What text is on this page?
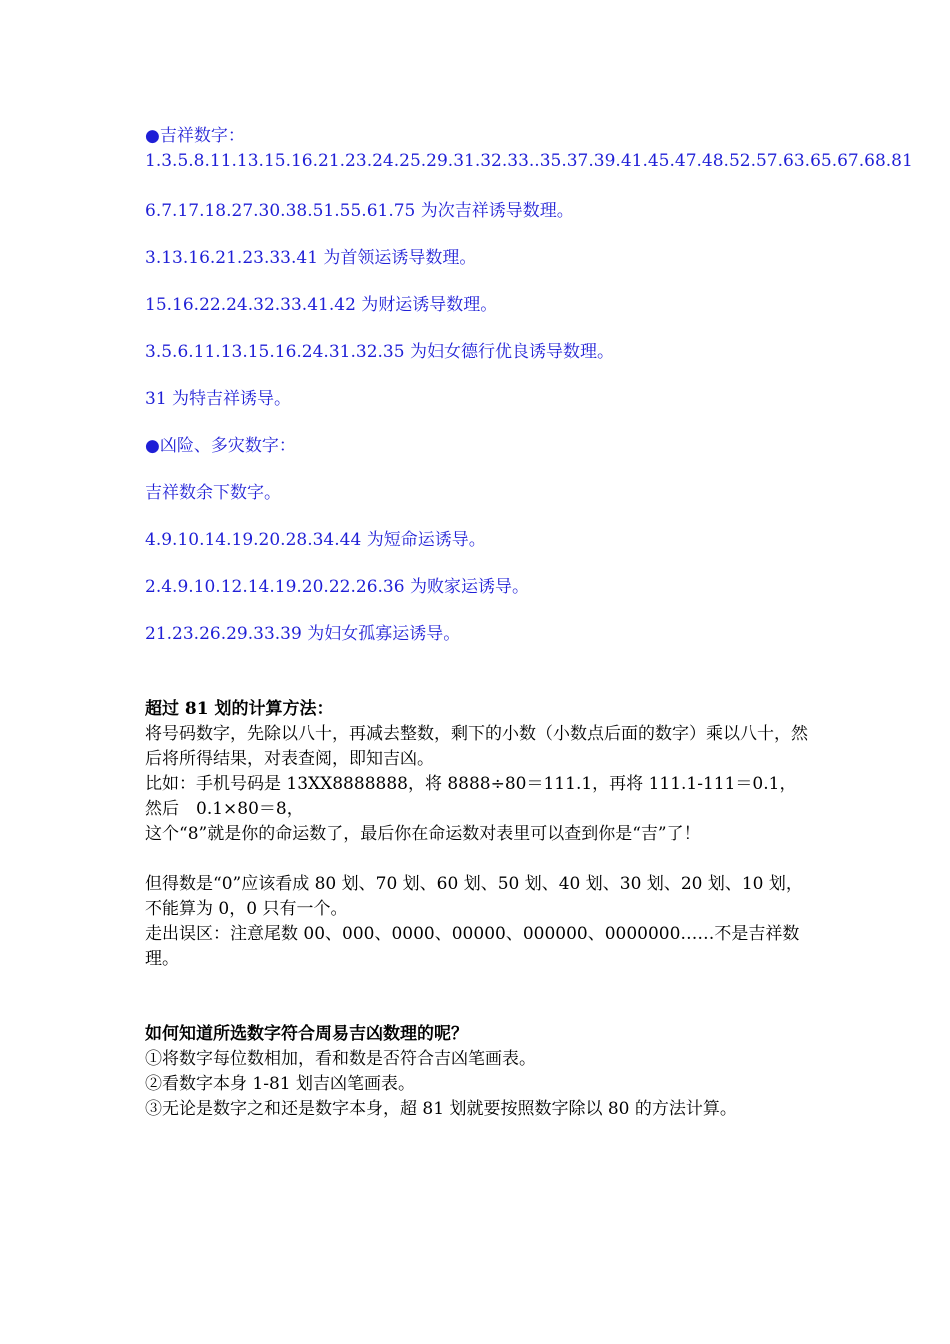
●吉祥数字：

1.3.5.8.11.13.15.16.21.23.24.25.29.31.32.33..35.37.39.41.45.47.48.52.57.63.65.67.68.81

6.7.17.18.27.30.38.51.55.61.75 为次吉祥诱导数理。

3.13.16.21.23.33.41 为首领运诱导数理。

15.16.22.24.32.33.41.42 为财运诱导数理。

3.5.6.11.13.15.16.24.31.32.35 为妇女德行优良诱导数理。

31 为特吉祥诱导。

●凶险、多灾数字：

吉祥数余下数字。

4.9.10.14.19.20.28.34.44 为短命运诱导。

2.4.9.10.12.14.19.20.22.26.36 为败家运诱导。

21.23.26.29.33.39 为妇女孤寡运诱导。

超过 81 划的计算方法：

将号码数字，先除以八十，再减去整数，剩下的小数（小数点后面的数字）乘以八十，然后将所得结果，对表查阅，即知吉凶。

比如：手机号码是 13XX8888888，将 8888÷80＝111.1，再将 111.1-111＝0.1，然后　0.1×80＝8，

这个“8”就是你的命运数了，最后你在命运数对表里可以查到你是“吉”了！

但得数是“0”应该看成 80 划、70 划、60 划、50 划、40 划、30 划、20 划、10 划，不能算为 0，0 只有一个。

走出误区：注意尾数 00、000、0000、00000、000000、0000000……不是吉祥数理。

如何知道所选数字符合周易吉凶数理的呢？

①将数字每位数相加，看和数是否符合吉凶笔画表。

②看数字本身 1-81 划吉凶笔画表。

③无论是数字之和还是数字本身，超 81 划就要按照数字除以 80 的方法计算。
